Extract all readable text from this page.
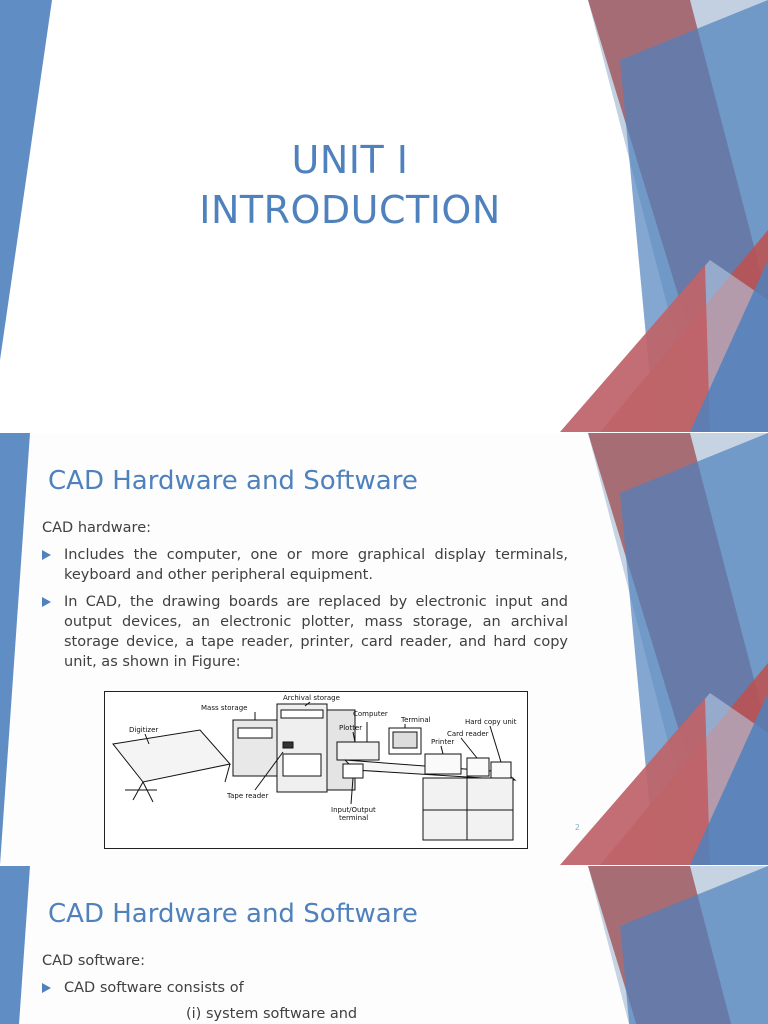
UNIT I
INTRODUCTION
CAD Hardware and Software
CAD hardware:
Includes the computer, one or more graphical display terminals, keyboard and other peripheral equipment.
In CAD, the drawing boards are replaced by electronic input and output devices, an electronic plotter, mass storage, an archival storage device, a tape reader, printer, card reader, and hard copy unit, as shown in Figure:
Mass storage
Archival storage
Computer
Terminal	Hard copy unit
Card reader
Plotter
Printer
Digitizer
Tape reader
Input/Output
terminal
2
CAD Hardware and Software
CAD software:
CAD software consists of
(i) system software and
